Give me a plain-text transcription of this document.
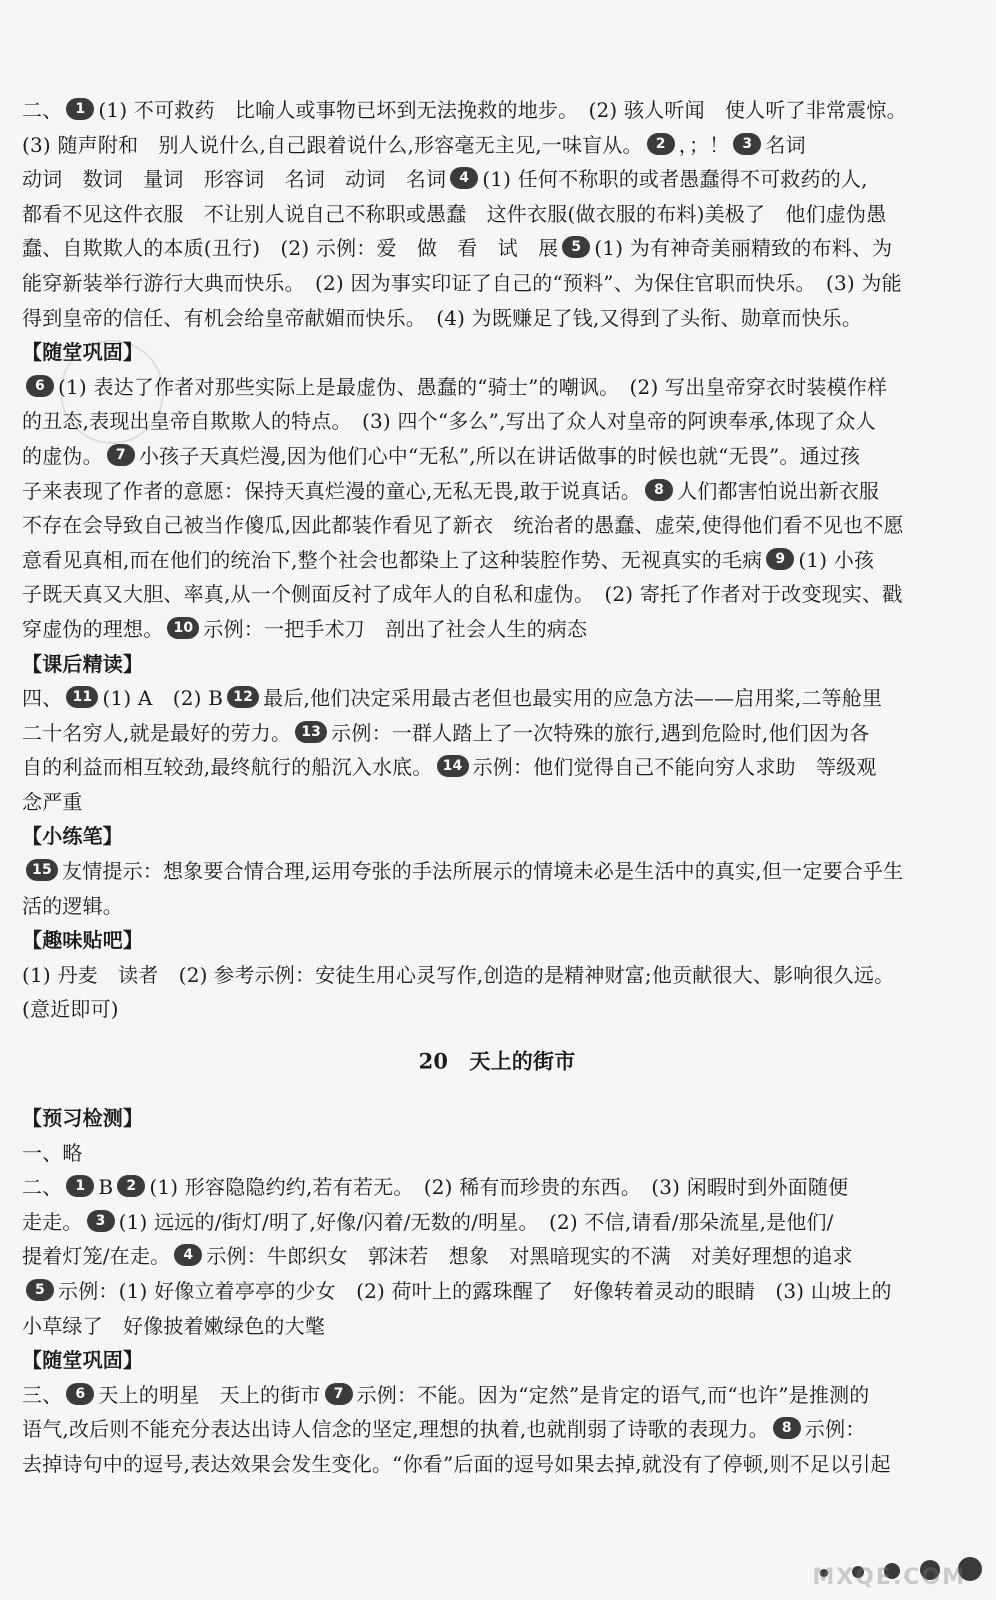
二、 1 (1) 不可救药　比喻人或事物已坏到无法挽救的地步。　(2) 骇人听闻　使人听了非常震惊。
(3) 随声附和　别人说什么,自己跟着说什么,形容毫无主见,一味盲从。 2 ，；！ 3 名词
动词　数词　量词　形容词　名词　动词　名词 4 (1) 任何不称职的或者愚蠢得不可救药的人,
都看不见这件衣服　不让别人说自己不称职或愚蠢　这件衣服(做衣服的布料)美极了　他们虚伪愚
蠢、自欺欺人的本质(丑行)　(2) 示例：爱　做　看　试　展 5 (1) 为有神奇美丽精致的布料、为
能穿新装举行游行大典而快乐。　(2) 因为事实印证了自己的“预料”、为保住官职而快乐。　(3) 为能
得到皇帝的信任、有机会给皇帝献媚而快乐。　(4) 为既赚足了钱,又得到了头衔、勋章而快乐。
【随堂巩固】
6 (1) 表达了作者对那些实际上是最虚伪、愚蠢的“骑士”的嘲讽。　(2) 写出皇帝穿衣时装模作样
的丑态,表现出皇帝自欺欺人的特点。　(3) 四个“多么”,写出了众人对皇帝的阿谀奉承,体现了众人
的虚伪。 7 小孩子天真烂漫,因为他们心中“无私”,所以在讲话做事的时候也就“无畏”。通过孩
子来表现了作者的意愿：保持天真烂漫的童心,无私无畏,敢于说真话。 8 人们都害怕说出新衣服
不存在会导致自己被当作傻瓜,因此都装作看见了新衣　统治者的愚蠢、虚荣,使得他们看不见也不愿
意看见真相,而在他们的统治下,整个社会也都染上了这种装腔作势、无视真实的毛病 9 (1) 小孩
子既天真又大胆、率真,从一个侧面反衬了成年人的自私和虚伪。　(2) 寄托了作者对于改变现实、戳
穿虚伪的理想。 10 示例：一把手术刀　剖出了社会人生的病态
【课后精读】
四、 11 (1) A　(2) B 12 最后,他们决定采用最古老但也最实用的应急方法——启用桨,二等舱里
二十名穷人,就是最好的劳力。 13 示例：一群人踏上了一次特殊的旅行,遇到危险时,他们因为各
自的利益而相互较劲,最终航行的船沉入水底。 14 示例：他们觉得自己不能向穷人求助　等级观
念严重
【小练笔】
15 友情提示：想象要合情合理,运用夸张的手法所展示的情境未必是生活中的真实,但一定要合乎生
活的逻辑。
【趣味贴吧】
(1) 丹麦　读者　(2) 参考示例：安徒生用心灵写作,创造的是精神财富;他贡献很大、影响很久远。
(意近即可)
20　天上的街市
【预习检测】
一、略
二、 1 B 2 (1) 形容隐隐约约,若有若无。　(2) 稀有而珍贵的东西。　(3) 闲暇时到外面随便
走走。 3 (1) 远远的/街灯/明了,好像/闪着/无数的/明星。　(2) 不信,请看/那朵流星,是他们/
提着灯笼/在走。 4 示例：牛郎织女　郭沫若　想象　对黑暗现实的不满　对美好理想的追求
5 示例：(1) 好像立着亭亭的少女　(2) 荷叶上的露珠醒了　好像转着灵动的眼睛　(3) 山坡上的
小草绿了　好像披着嫩绿色的大氅
【随堂巩固】
三、 6 天上的明星　天上的街市 7 示例：不能。因为“定然”是肯定的语气,而“也许”是推测的
语气,改后则不能充分表达出诗人信念的坚定,理想的执着,也就削弱了诗歌的表现力。 8 示例：
去掉诗句中的逗号,表达效果会发生变化。“你看”后面的逗号如果去掉,就没有了停顿,则不足以引起
MXQE.COM
